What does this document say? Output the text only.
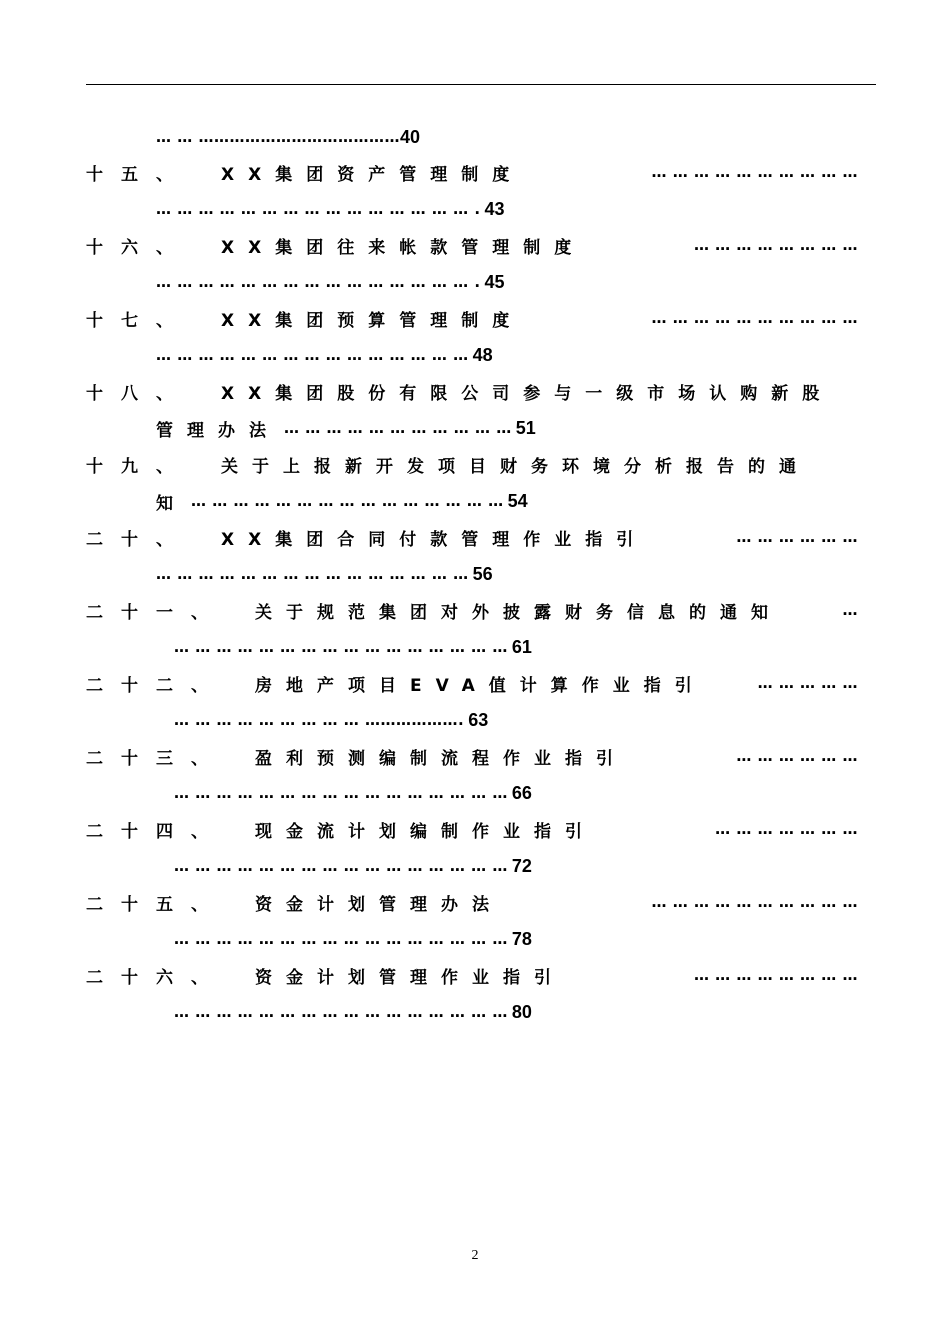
… … ………………………………… 40
十五、 XX集团资产管理制度	… … … … … … … … … …
… … … … … … … … … … … … … … … . 43
十六、 XX集团往来帐款管理制度	… … … … … … … …
… … … … … … … … … … … … … … … . 45
十七、 XX集团预算管理制度	… … … … … … … … … …
… … … … … … … … … … … … … … … 48
十八、 XX集团股份有限公司参与一级市场认购新股
管理办法 … … … … … … … … … … … 51
十九、 关于上报新开发项目财务环境分析报告的通
知 … … … … … … … … … … … … … … … 54
二十、 XX集团合同付款管理作业指引	… … … … … …
… … … … … … … … … … … … … … … 56
二十一、 关于规范集团对外披露财务信息的通知	…
… … … … … … … … … … … … … … … … 61
二十二、 房地产项目EVA值计算作业指引	… … … … …
… … … … … … … … … ………………. 63
二十三、 盈利预测编制流程作业指引	… … … … … …
… … … … … … … … … … … … … … … … 66
二十四、 现金流计划编制作业指引	… … … … … … …
… … … … … … … … … … … … … … … … 72
二十五、 资金计划管理办法	… … … … … … … … … …
… … … … … … … … … … … … … … … … 78
二十六、 资金计划管理作业指引	… … … … … … … …
… … … … … … … … … … … … … … … … 80
2
